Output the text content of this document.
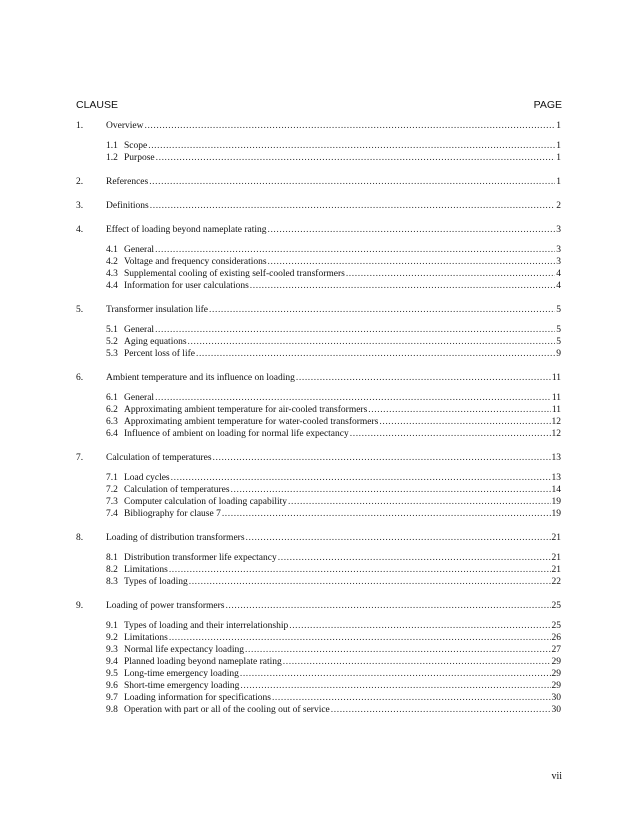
CLAUSE	PAGE
1. Overview .....	1
1.1 Scope .....	1
1.2 Purpose .....	1
2. References .....	1
3. Definitions .....	2
4. Effect of loading beyond nameplate rating .....	3
4.1 General .....	3
4.2 Voltage and frequency considerations .....	3
4.3 Supplemental cooling of existing self-cooled transformers .....	4
4.4 Information for user calculations .....	4
5. Transformer insulation life .....	5
5.1 General .....	5
5.2 Aging equations .....	5
5.3 Percent loss of life .....	9
6. Ambient temperature and its influence on loading .....	11
6.1 General .....	11
6.2 Approximating ambient temperature for air-cooled transformers .....	11
6.3 Approximating ambient temperature for water-cooled transformers .....	12
6.4 Influence of ambient on loading for normal life expectancy .....	12
7. Calculation of temperatures .....	13
7.1 Load cycles .....	13
7.2 Calculation of temperatures .....	14
7.3 Computer calculation of loading capability .....	19
7.4 Bibliography for clause 7 .....	19
8. Loading of distribution transformers .....	21
8.1 Distribution transformer life expectancy .....	21
8.2 Limitations .....	21
8.3 Types of loading .....	22
9. Loading of power transformers .....	25
9.1 Types of loading and their interrelationship .....	25
9.2 Limitations .....	26
9.3 Normal life expectancy loading .....	27
9.4 Planned loading beyond nameplate rating .....	29
9.5 Long-time emergency loading .....	29
9.6 Short-time emergency loading .....	29
9.7 Loading information for specifications .....	30
9.8 Operation with part or all of the cooling out of service .....	30
vii
